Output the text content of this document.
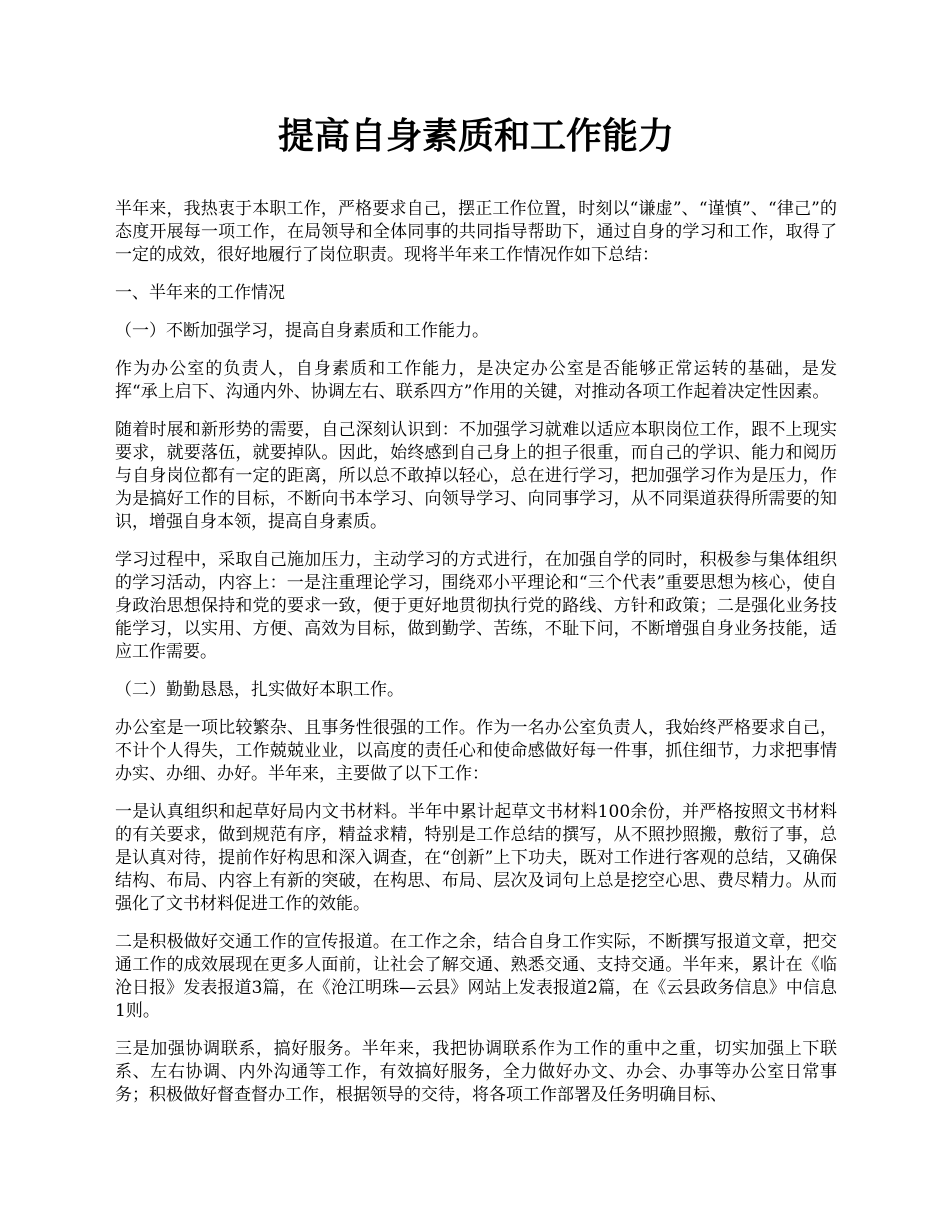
提高自身素质和工作能力

半年来，我热衷于本职工作，严格要求自己，摆正工作位置，时刻以“谦虚”、“谨慎”、“律己”的态度开展每一项工作，在局领导和全体同事的共同指导帮助下，通过自身的学习和工作，取得了一定的成效，很好地履行了岗位职责。现将半年来工作情况作如下总结：

一、半年来的工作情况

（一）不断加强学习，提高自身素质和工作能力。

作为办公室的负责人，自身素质和工作能力，是决定办公室是否能够正常运转的基础，是发挥“承上启下、沟通内外、协调左右、联系四方”作用的关键，对推动各项工作起着决定性因素。

随着时展和新形势的需要，自己深刻认识到：不加强学习就难以适应本职岗位工作，跟不上现实要求，就要落伍，就要掉队。因此，始终感到自己身上的担子很重，而自己的学识、能力和阅历与自身岗位都有一定的距离，所以总不敢掉以轻心，总在进行学习，把加强学习作为是压力，作为是搞好工作的目标，不断向书本学习、向领导学习、向同事学习，从不同渠道获得所需要的知识，增强自身本领，提高自身素质。

学习过程中，采取自己施加压力，主动学习的方式进行，在加强自学的同时，积极参与集体组织的学习活动，内容上：一是注重理论学习，围绕邓小平理论和“三个代表”重要思想为核心，使自身政治思想保持和党的要求一致，便于更好地贯彻执行党的路线、方针和政策；二是强化业务技能学习，以实用、方便、高效为目标，做到勤学、苦练，不耻下问，不断增强自身业务技能，适应工作需要。

（二）勤勤恳恳，扎实做好本职工作。

办公室是一项比较繁杂、且事务性很强的工作。作为一名办公室负责人，我始终严格要求自己，不计个人得失，工作兢兢业业，以高度的责任心和使命感做好每一件事，抓住细节，力求把事情办实、办细、办好。半年来，主要做了以下工作：

一是认真组织和起草好局内文书材料。半年中累计起草文书材料100余份，并严格按照文书材料的有关要求，做到规范有序，精益求精，特别是工作总结的撰写，从不照抄照搬，敷衍了事，总是认真对待，提前作好构思和深入调查，在“创新”上下功夫，既对工作进行客观的总结，又确保结构、布局、内容上有新的突破，在构思、布局、层次及词句上总是挖空心思、费尽精力。从而强化了文书材料促进工作的效能。

二是积极做好交通工作的宣传报道。在工作之余，结合自身工作实际，不断撰写报道文章，把交通工作的成效展现在更多人面前，让社会了解交通、熟悉交通、支持交通。半年来，累计在《临沧日报》发表报道3篇，在《沧江明珠—云县》网站上发表报道2篇，在《云县政务信息》中信息1则。

三是加强协调联系，搞好服务。半年来，我把协调联系作为工作的重中之重，切实加强上下联系、左右协调、内外沟通等工作，有效搞好服务，全力做好办文、办会、办事等办公室日常事务；积极做好督查督办工作，根据领导的交待，将各项工作部署及任务明确目标、
